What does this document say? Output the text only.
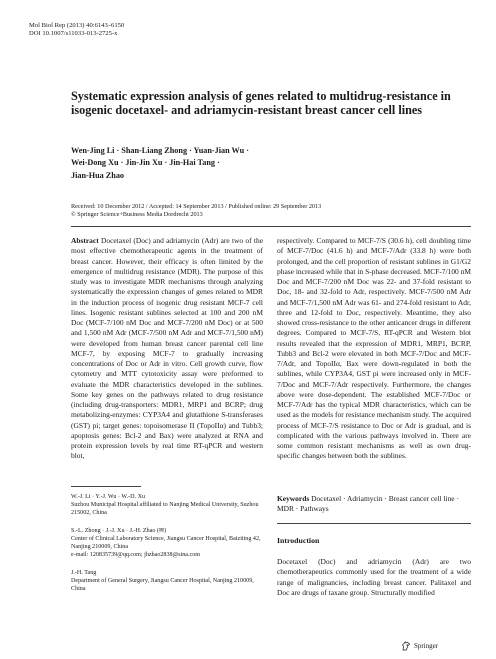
Mol Biol Rep (2013) 40:6143–6150
DOI 10.1007/s11033-013-2725-x
Systematic expression analysis of genes related to multidrug-resistance in isogenic docetaxel- and adriamycin-resistant breast cancer cell lines
Wen-Jing Li · Shan-Liang Zhong · Yuan-Jian Wu ·
Wei-Dong Xu · Jin-Jin Xu · Jin-Hai Tang ·
Jian-Hua Zhao
Received: 10 December 2012 / Accepted: 14 September 2013 / Published online: 29 September 2013
© Springer Science+Business Media Dordrecht 2013
Abstract Docetaxel (Doc) and adriamycin (Adr) are two of the most effective chemotherapeutic agents in the treatment of breast cancer. However, their efficacy is often limited by the emergence of multidrug resistance (MDR). The purpose of this study was to investigate MDR mechanisms through analyzing systematically the expression changes of genes related to MDR in the induction process of isogenic drug resistant MCF-7 cell lines. Isogenic resistant sublines selected at 100 and 200 nM Doc (MCF-7/100 nM Doc and MCF-7/200 nM Doc) or at 500 and 1,500 nM Adr (MCF-7/500 nM Adr and MCF-7/1,500 nM) were developed from human breast cancer parental cell line MCF-7, by exposing MCF-7 to gradually increasing concentrations of Doc or Adr in vitro. Cell growth curve, flow cytometry and MTT cytotoxicity assay were preformed to evaluate the MDR characteristics developed in the sublines. Some key genes on the pathways related to drug resistance (including drug-transporters: MDR1, MRP1 and BCRP; drug metabolizing-enzymes: CYP3A4 and glutathione S-transferases (GST) pi; target genes: topoisomerase II (TopoIIα) and Tubb3; apoptosis genes: Bcl-2 and Bax) were analyzed at RNA and protein expression levels by real time RT-qPCR and western blot,
respectively. Compared to MCF-7/S (30.6 h), cell doubling time of MCF-7/Doc (41.6 h) and MCF-7/Adr (33.8 h) were both prolonged, and the cell proportion of resistant sublines in G1/G2 phase increased while that in S-phase decreased. MCF-7/100 nM Doc and MCF-7/200 nM Doc was 22- and 37-fold resistant to Doc, 18- and 32-fold to Adr, respectively. MCF-7/500 nM Adr and MCF-7/1,500 nM Adr was 61- and 274-fold resistant to Adr, three and 12-fold to Doc, respectively. Meantime, they also showed cross-resistance to the other anticancer drugs in different degrees. Compared to MCF-7/S, RT-qPCR and Western blot results revealed that the expression of MDR1, MRP1, BCRP, Tubb3 and Bcl-2 were elevated in both MCF-7/Doc and MCF-7/Adr, and TopoIIα, Bax were down-regulated in both the sublines, while CYP3A4, GST pi were increased only in MCF-7/Doc and MCF-7/Adr respectively. Furthermore, the changes above were dose-dependent. The established MCF-7/Doc or MCF-7/Adr has the typical MDR characteristics, which can be used as the models for resistance mechanism study. The acquired process of MCF-7/S resistance to Doc or Adr is gradual, and is complicated with the various pathways involved in. There are some common resistant mechanisms as well as own drug-specific changes between both the sublines.
W.-J. Li · Y.-J. Wu · W.-D. Xu
Suzhou Municipal Hospital affiliated to Nanjing Medical University, Suzhou 215002, China
S.-L. Zhong · J.-J. Xu · J.-H. Zhao (✉)
Center of Clinical Laboratory Science, Jiangsu Cancer Hospital, Baiziting 42, Nanjing 210009, China
e-mail: 120835739@qq.com; jhzhao2838@sina.com
J.-H. Tang
Department of General Surgery, Jiangsu Cancer Hospital, Nanjing 210009, China
Keywords Docetaxel · Adriamycin · Breast cancer cell line · MDR · Pathways
Introduction
Docetaxel (Doc) and adriamycin (Adr) are two chemotherapeutics commonly used for the treatment of a wide range of malignancies, including breast cancer. Palitaxel and Doc are drugs of taxane group. Structurally modified
Springer
